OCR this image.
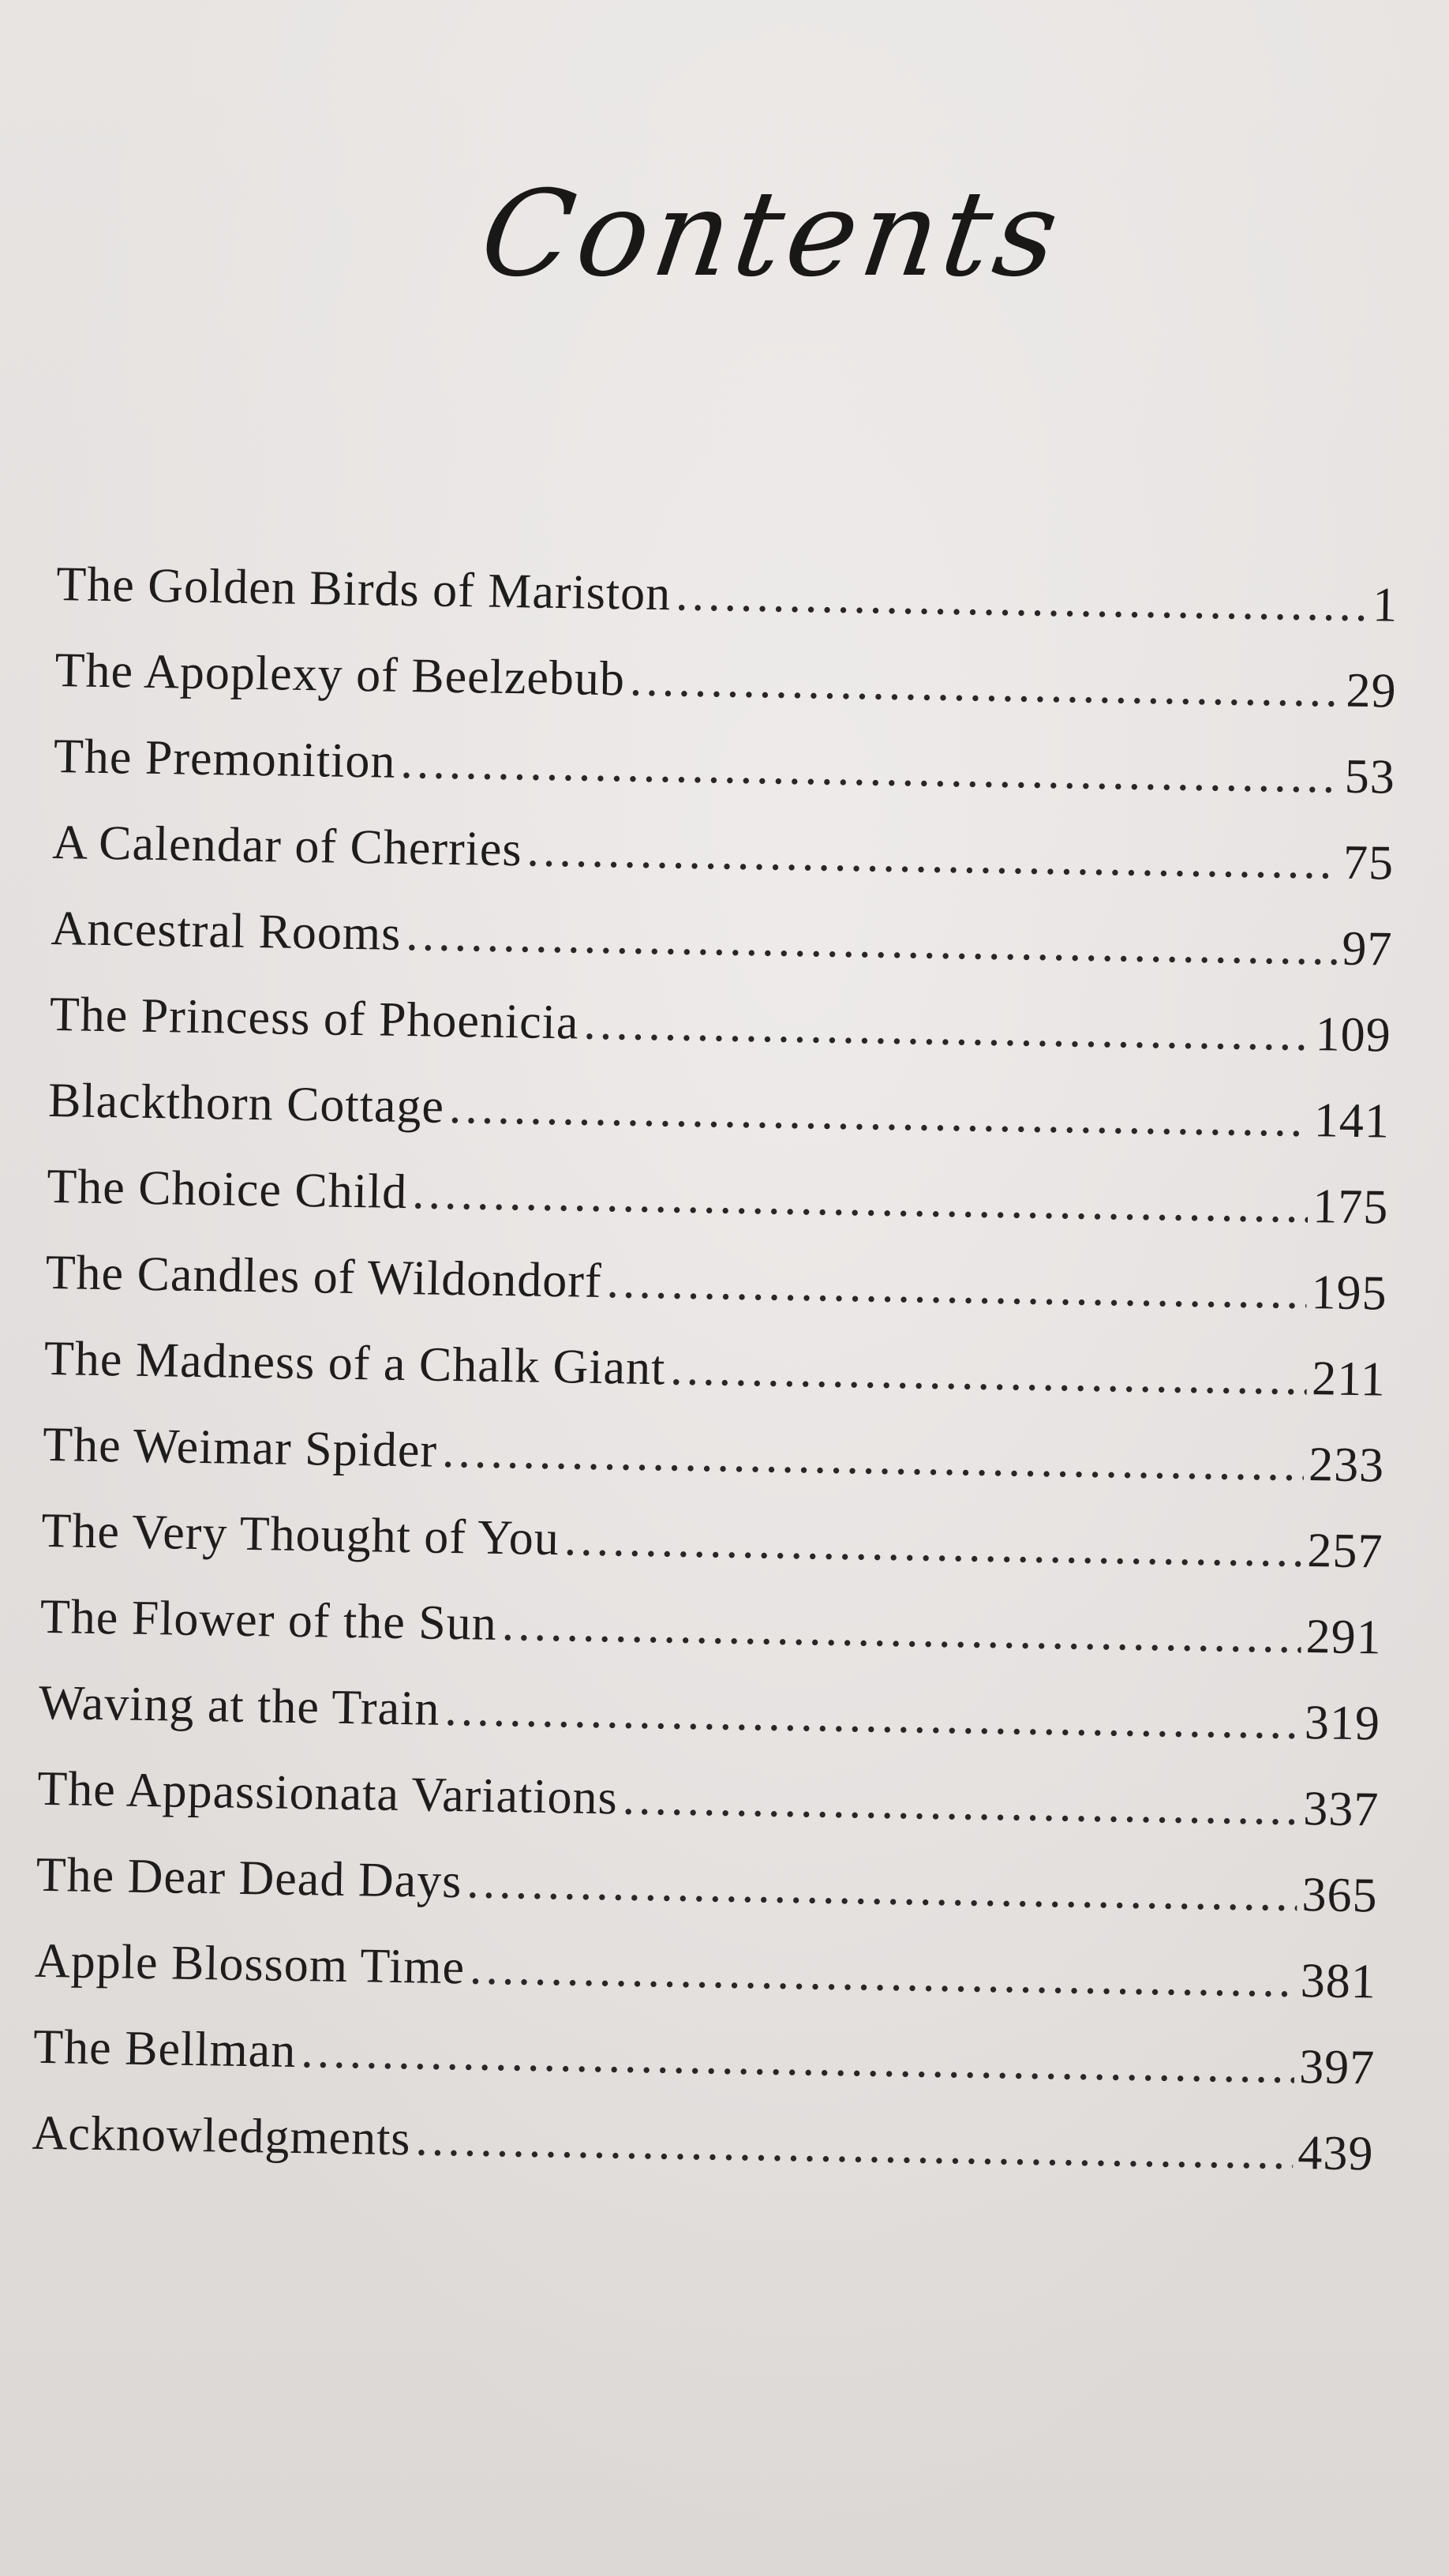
Contents
The Golden Birds of Mariston .....	1
The Apoplexy of Beelzebub .....	29
The Premonition .....	53
A Calendar of Cherries .....	75
Ancestral Rooms .....	97
The Princess of Phoenicia .....	109
Blackthorn Cottage .....	141
The Choice Child .....	175
The Candles of Wildondorf .....	195
The Madness of a Chalk Giant .....	211
The Weimar Spider .....	233
The Very Thought of You .....	257
The Flower of the Sun .....	291
Waving at the Train .....	319
The Appassionata Variations .....	337
The Dear Dead Days .....	365
Apple Blossom Time .....	381
The Bellman .....	397
Acknowledgments .....	439
